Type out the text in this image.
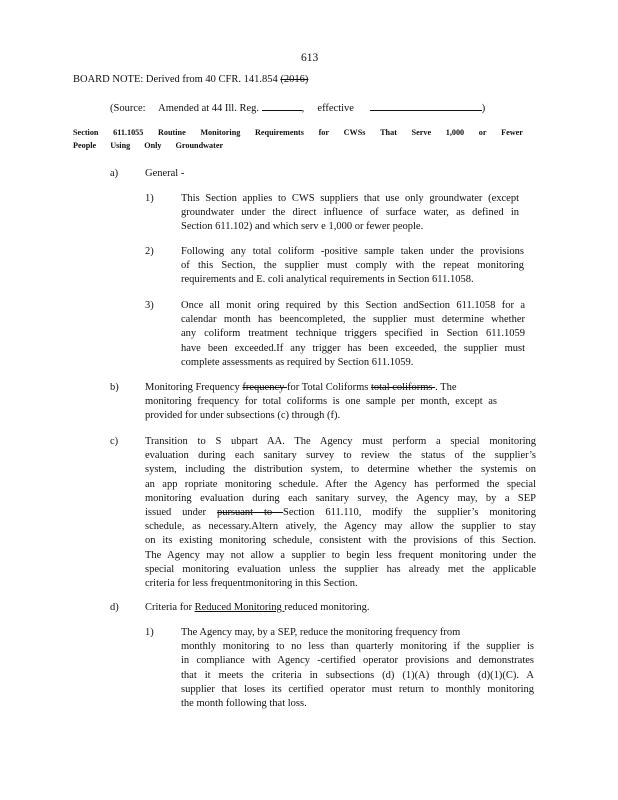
613
BOARD NOTE: Derived from 40 CFR. 141.854 (2016)
(Source: Amended at 44 Ill. Reg.	, effective	)
Section 611.1055 Routine Monitoring Requirements for CWSs That Serve 1,000 or Fewer
People Using Only Groundwater
a)	General -
1)	This Section applies to CWS suppliers that use only groundwater (except
groundwater under the direct influence of surface water, as defined in
Section 611.102) and which serv e 1,000 or fewer people.
2)	Following any total coliform -positive sample taken under the provisions
of this Section, the supplier must comply with the repeat monitoring
requirements and E. coli analytical requirements in Section 611.1058.
3)	Once all monit oring required by this Section andSection 611.1058 for a
calendar month has beencompleted, the supplier must determine whether
any coliform treatment technique triggers specified in Section 611.1059
have been exceeded.If any trigger has been exceeded, the supplier must
complete assessments as required by Section 611.1059.
b)	Monitoring Frequency frequency for Total Coliforms total coliforms . The
monitoring frequency for total coliforms is one sample per month, except as
provided for under subsections (c) through (f).
c)	Transition to S ubpart AA. The Agency must perform a special monitoring
evaluation during each sanitary survey to review the status of the supplier’s
system, including the distribution system, to determine whether the systemis on
an app ropriate monitoring schedule. After the Agency has performed the special
monitoring evaluation during each sanitary survey, the Agency may, by a SEP
issued under pursuant to Section 611.110, modify the supplier’s monitoring
schedule, as necessary.Altern atively, the Agency may allow the supplier to stay
on its existing monitoring schedule, consistent with the provisions of this Section.
The Agency may not allow a supplier to begin less frequent monitoring under the
special monitoring evaluation unless the supplier has already met the applicable
criteria for less frequentmonitoring in this Section.
d)	Criteria for Reduced Monitoring reduced monitoring.
1)	The Agency may, by a SEP, reduce the monitoring frequency from
monthly monitoring to no less than quarterly monitoring if the supplier is
in compliance with Agency -certified operator provisions and demonstrates
that it meets the criteria in subsections (d) (1)(A) through (d)(1)(C). A
supplier that loses its certified operator must return to monthly monitoring
the month following that loss.
